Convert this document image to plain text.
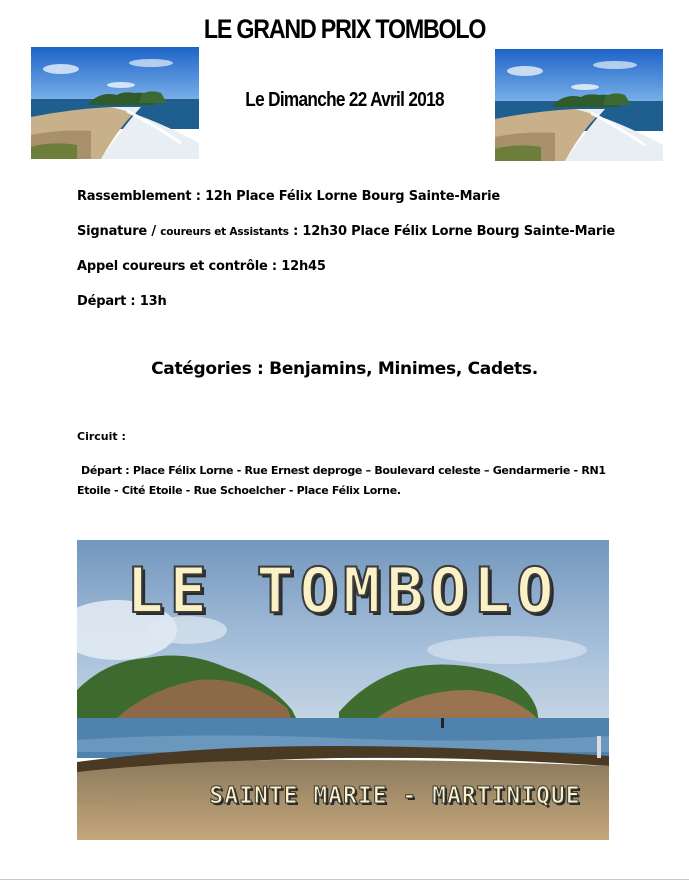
LE GRAND PRIX TOMBOLO
Le Dimanche 22 Avril 2018
Rassemblement : 12h Place Félix Lorne Bourg Sainte-Marie
Signature / coureurs et Assistants : 12h30 Place Félix Lorne Bourg Sainte-Marie
Appel coureurs et contrôle : 12h45
Départ : 13h
Catégories : Benjamins, Minimes, Cadets.
Circuit :
Départ : Place Félix Lorne - Rue Ernest deproge – Boulevard celeste – Gendarmerie - RN1 Etoile - Cité Etoile - Rue Schoelcher - Place Félix Lorne.
LE TOMBOLO
SAINTE MARIE - MARTINIQUE
